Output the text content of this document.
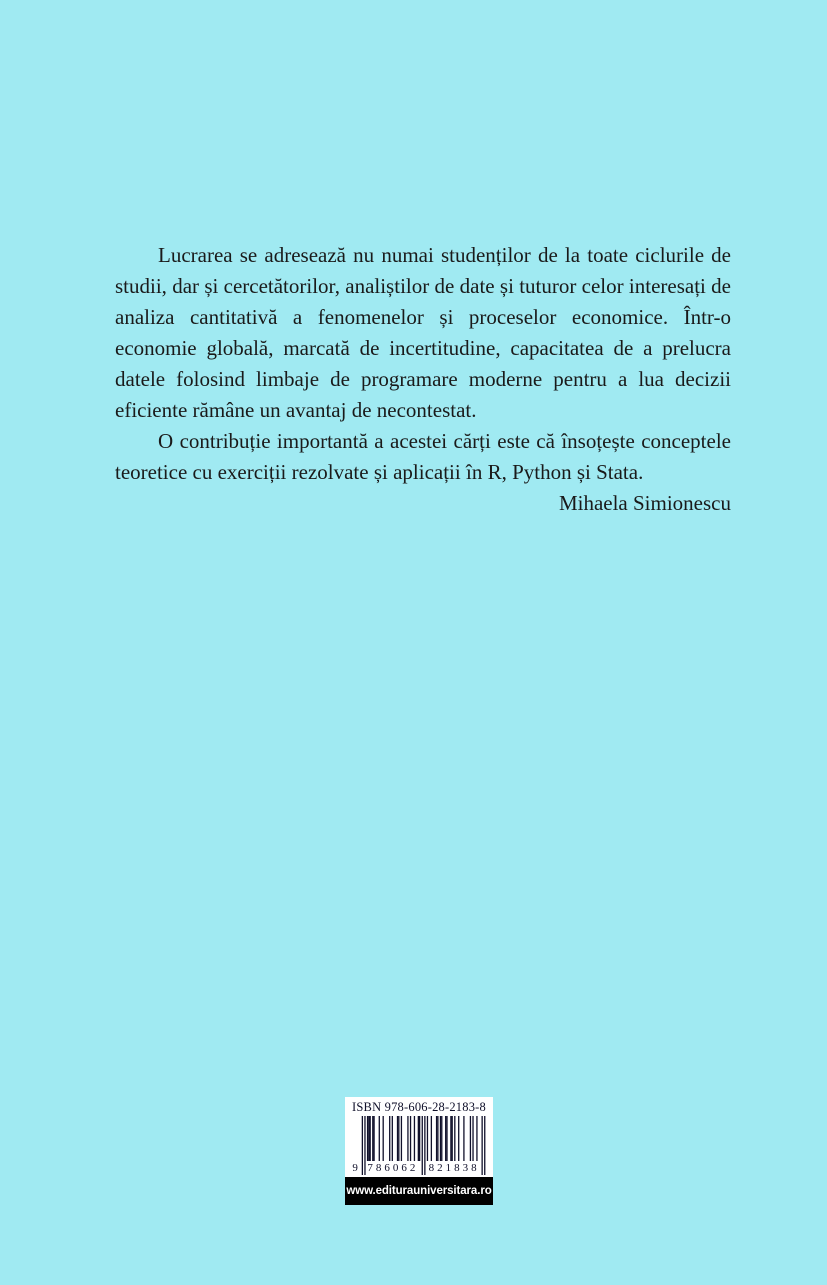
Lucrarea se adresează nu numai studenților de la toate ciclurile de studii, dar și cercetătorilor, analiștilor de date și tuturor celor interesați de analiza cantitativă a fenomenelor și proceselor economice. Într-o economie globală, marcată de incertitudine, capacitatea de a prelucra datele folosind limbaje de programare moderne pentru a lua decizii eficiente rămâne un avantaj de necontestat.

O contribuție importantă a acestei cărți este că însoțește conceptele teoretice cu exerciții rezolvate și aplicații în R, Python și Stata.

Mihaela Simionescu

ISBN 978-606-28-2183-8
9 786062 821838
www.editurauniversitara.ro
